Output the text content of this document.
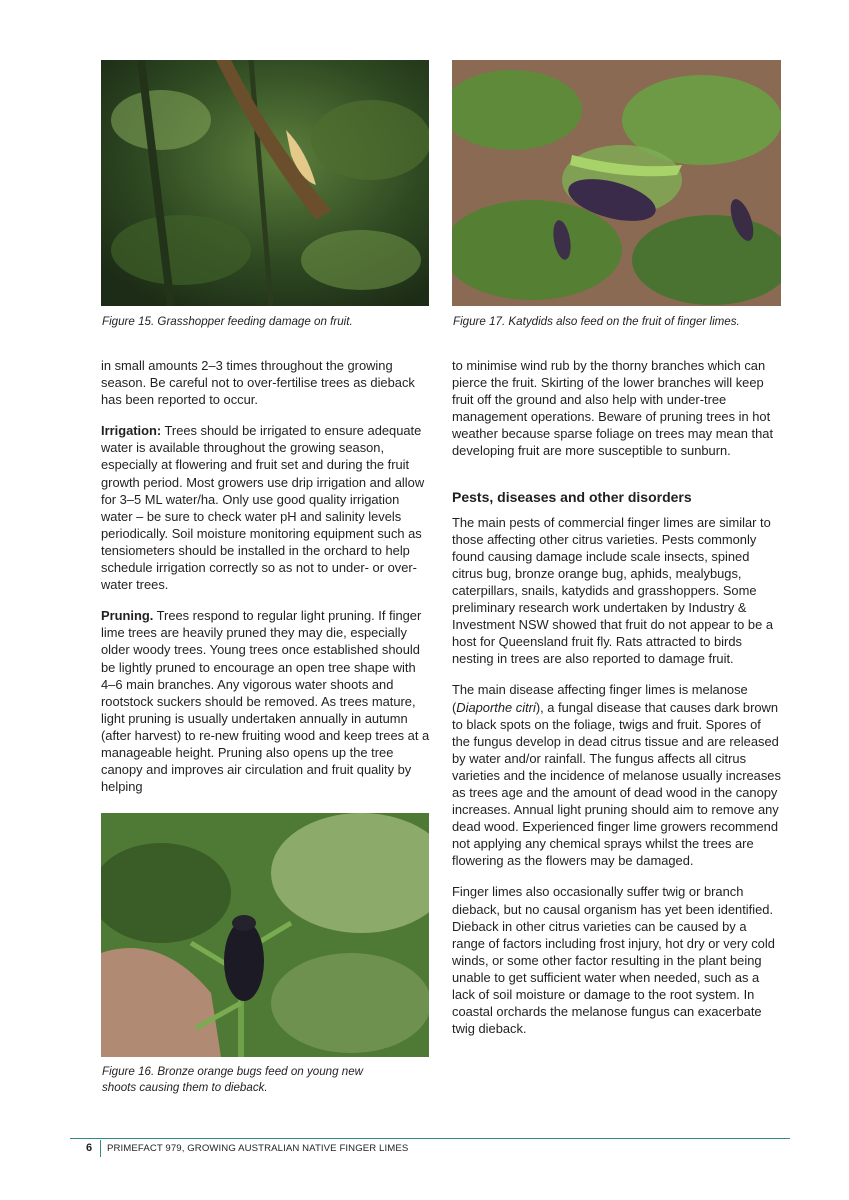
Figure 15. Grasshopper feeding damage on fruit.	Figure 17. Katydids also feed on the fruit of finger limes.

in small amounts 2–3 times throughout the growing season. Be careful not to over-fertilise trees as dieback has been reported to occur.

Irrigation: Trees should be irrigated to ensure adequate water is available throughout the growing season, especially at flowering and fruit set and during the fruit growth period. Most growers use drip irrigation and allow for 3–5 ML water/ha. Only use good quality irrigation water – be sure to check water pH and salinity levels periodically. Soil moisture monitoring equipment such as tensiometers should be installed in the orchard to help schedule irrigation correctly so as not to under- or over-water trees.

Pruning. Trees respond to regular light pruning. If finger lime trees are heavily pruned they may die, especially older woody trees. Young trees once established should be lightly pruned to encourage an open tree shape with 4–6 main branches. Any vigorous water shoots and rootstock suckers should be removed. As trees mature, light pruning is usually undertaken annually in autumn (after harvest) to re-new fruiting wood and keep trees at a manageable height. Pruning also opens up the tree canopy and improves air circulation and fruit quality by helping

Figure 16. Bronze orange bugs feed on young new
shoots causing them to dieback.

to minimise wind rub by the thorny branches which can pierce the fruit. Skirting of the lower branches will keep fruit off the ground and also help with under-tree management operations. Beware of pruning trees in hot weather because sparse foliage on trees may mean that developing fruit are more susceptible to sunburn.

Pests, diseases and other disorders

The main pests of commercial finger limes are similar to those affecting other citrus varieties. Pests commonly found causing damage include scale insects, spined citrus bug, bronze orange bug, aphids, mealybugs, caterpillars, snails, katydids and grasshoppers. Some preliminary research work undertaken by Industry & Investment NSW showed that fruit do not appear to be a host for Queensland fruit fly. Rats attracted to birds nesting in trees are also reported to damage fruit.

The main disease affecting finger limes is melanose (Diaporthe citri), a fungal disease that causes dark brown to black spots on the foliage, twigs and fruit. Spores of the fungus develop in dead citrus tissue and are released by water and/or rainfall. The fungus affects all citrus varieties and the incidence of melanose usually increases as trees age and the amount of dead wood in the canopy increases. Annual light pruning should aim to remove any dead wood. Experienced finger lime growers recommend not applying any chemical sprays whilst the trees are flowering as the flowers may be damaged.

Finger limes also occasionally suffer twig or branch dieback, but no causal organism has yet been identified. Dieback in other citrus varieties can be caused by a range of factors including frost injury, hot dry or very cold winds, or some other factor resulting in the plant being unable to get sufficient water when needed, such as a lack of soil moisture or damage to the root system. In coastal orchards the melanose fungus can exacerbate twig dieback.

6 PRIMEFACT 979, GROWING AUSTRALIAN NATIVE FINGER LIMES
